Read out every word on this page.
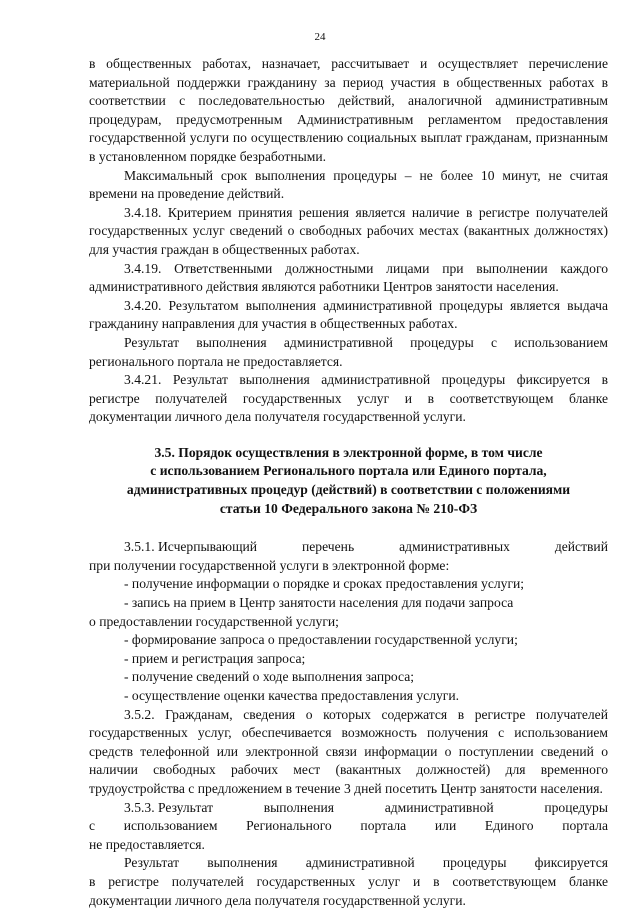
24

в общественных работах, назначает, рассчитывает и осуществляет перечисление материальной поддержки гражданину за период участия в общественных работах в соответствии с последовательностью действий, аналогичной административным процедурам, предусмотренным Административным регламентом предоставления государственной услуги по осуществлению социальных выплат гражданам, признанным в установленном порядке безработными.

Максимальный срок выполнения процедуры – не более 10 минут, не считая времени на проведение действий.

3.4.18. Критерием принятия решения является наличие в регистре получателей государственных услуг сведений о свободных рабочих местах (вакантных должностях) для участия граждан в общественных работах.

3.4.19. Ответственными должностными лицами при выполнении каждого административного действия являются работники Центров занятости населения.

3.4.20. Результатом выполнения административной процедуры является выдача гражданину направления для участия в общественных работах.

Результат выполнения административной процедуры с использованием регионального портала не предоставляется.

3.4.21. Результат выполнения административной процедуры фиксируется в регистре получателей государственных услуг и в соответствующем бланке документации личного дела получателя государственной услуги.

3.5. Порядок осуществления в электронной форме, в том числе
с использованием Регионального портала или Единого портала,
административных процедур (действий) в соответствии с положениями
статьи 10 Федерального закона № 210-ФЗ
3.5.1. Исчерпывающий	перечень	административных	действий

при получении государственной услуги в электронной форме:

- получение информации о порядке и сроках предоставления услуги;

- запись на прием в Центр занятости населения для подачи запроса

о предоставлении государственной услуги;

- формирование запроса о предоставлении государственной услуги;

- прием и регистрация запроса;

- получение сведений о ходе выполнения запроса;

- осуществление оценки качества предоставления услуги.

3.5.2. Гражданам, сведения о которых содержатся в регистре получателей государственных услуг, обеспечивается возможность получения с использованием средств телефонной или электронной связи информации о поступлении сведений о наличии свободных рабочих мест (вакантных должностей) для временного трудоустройства с предложением в течение 3 дней посетить Центр занятости населения.

3.5.3. Результат	выполнения	административной	процедуры
с использованием Регионального портала или Единого портала

не предоставляется.

Результат выполнения административной процедуры фиксируется

в регистре получателей государственных услуг и в соответствующем бланке документации личного дела получателя государственной услуги.
